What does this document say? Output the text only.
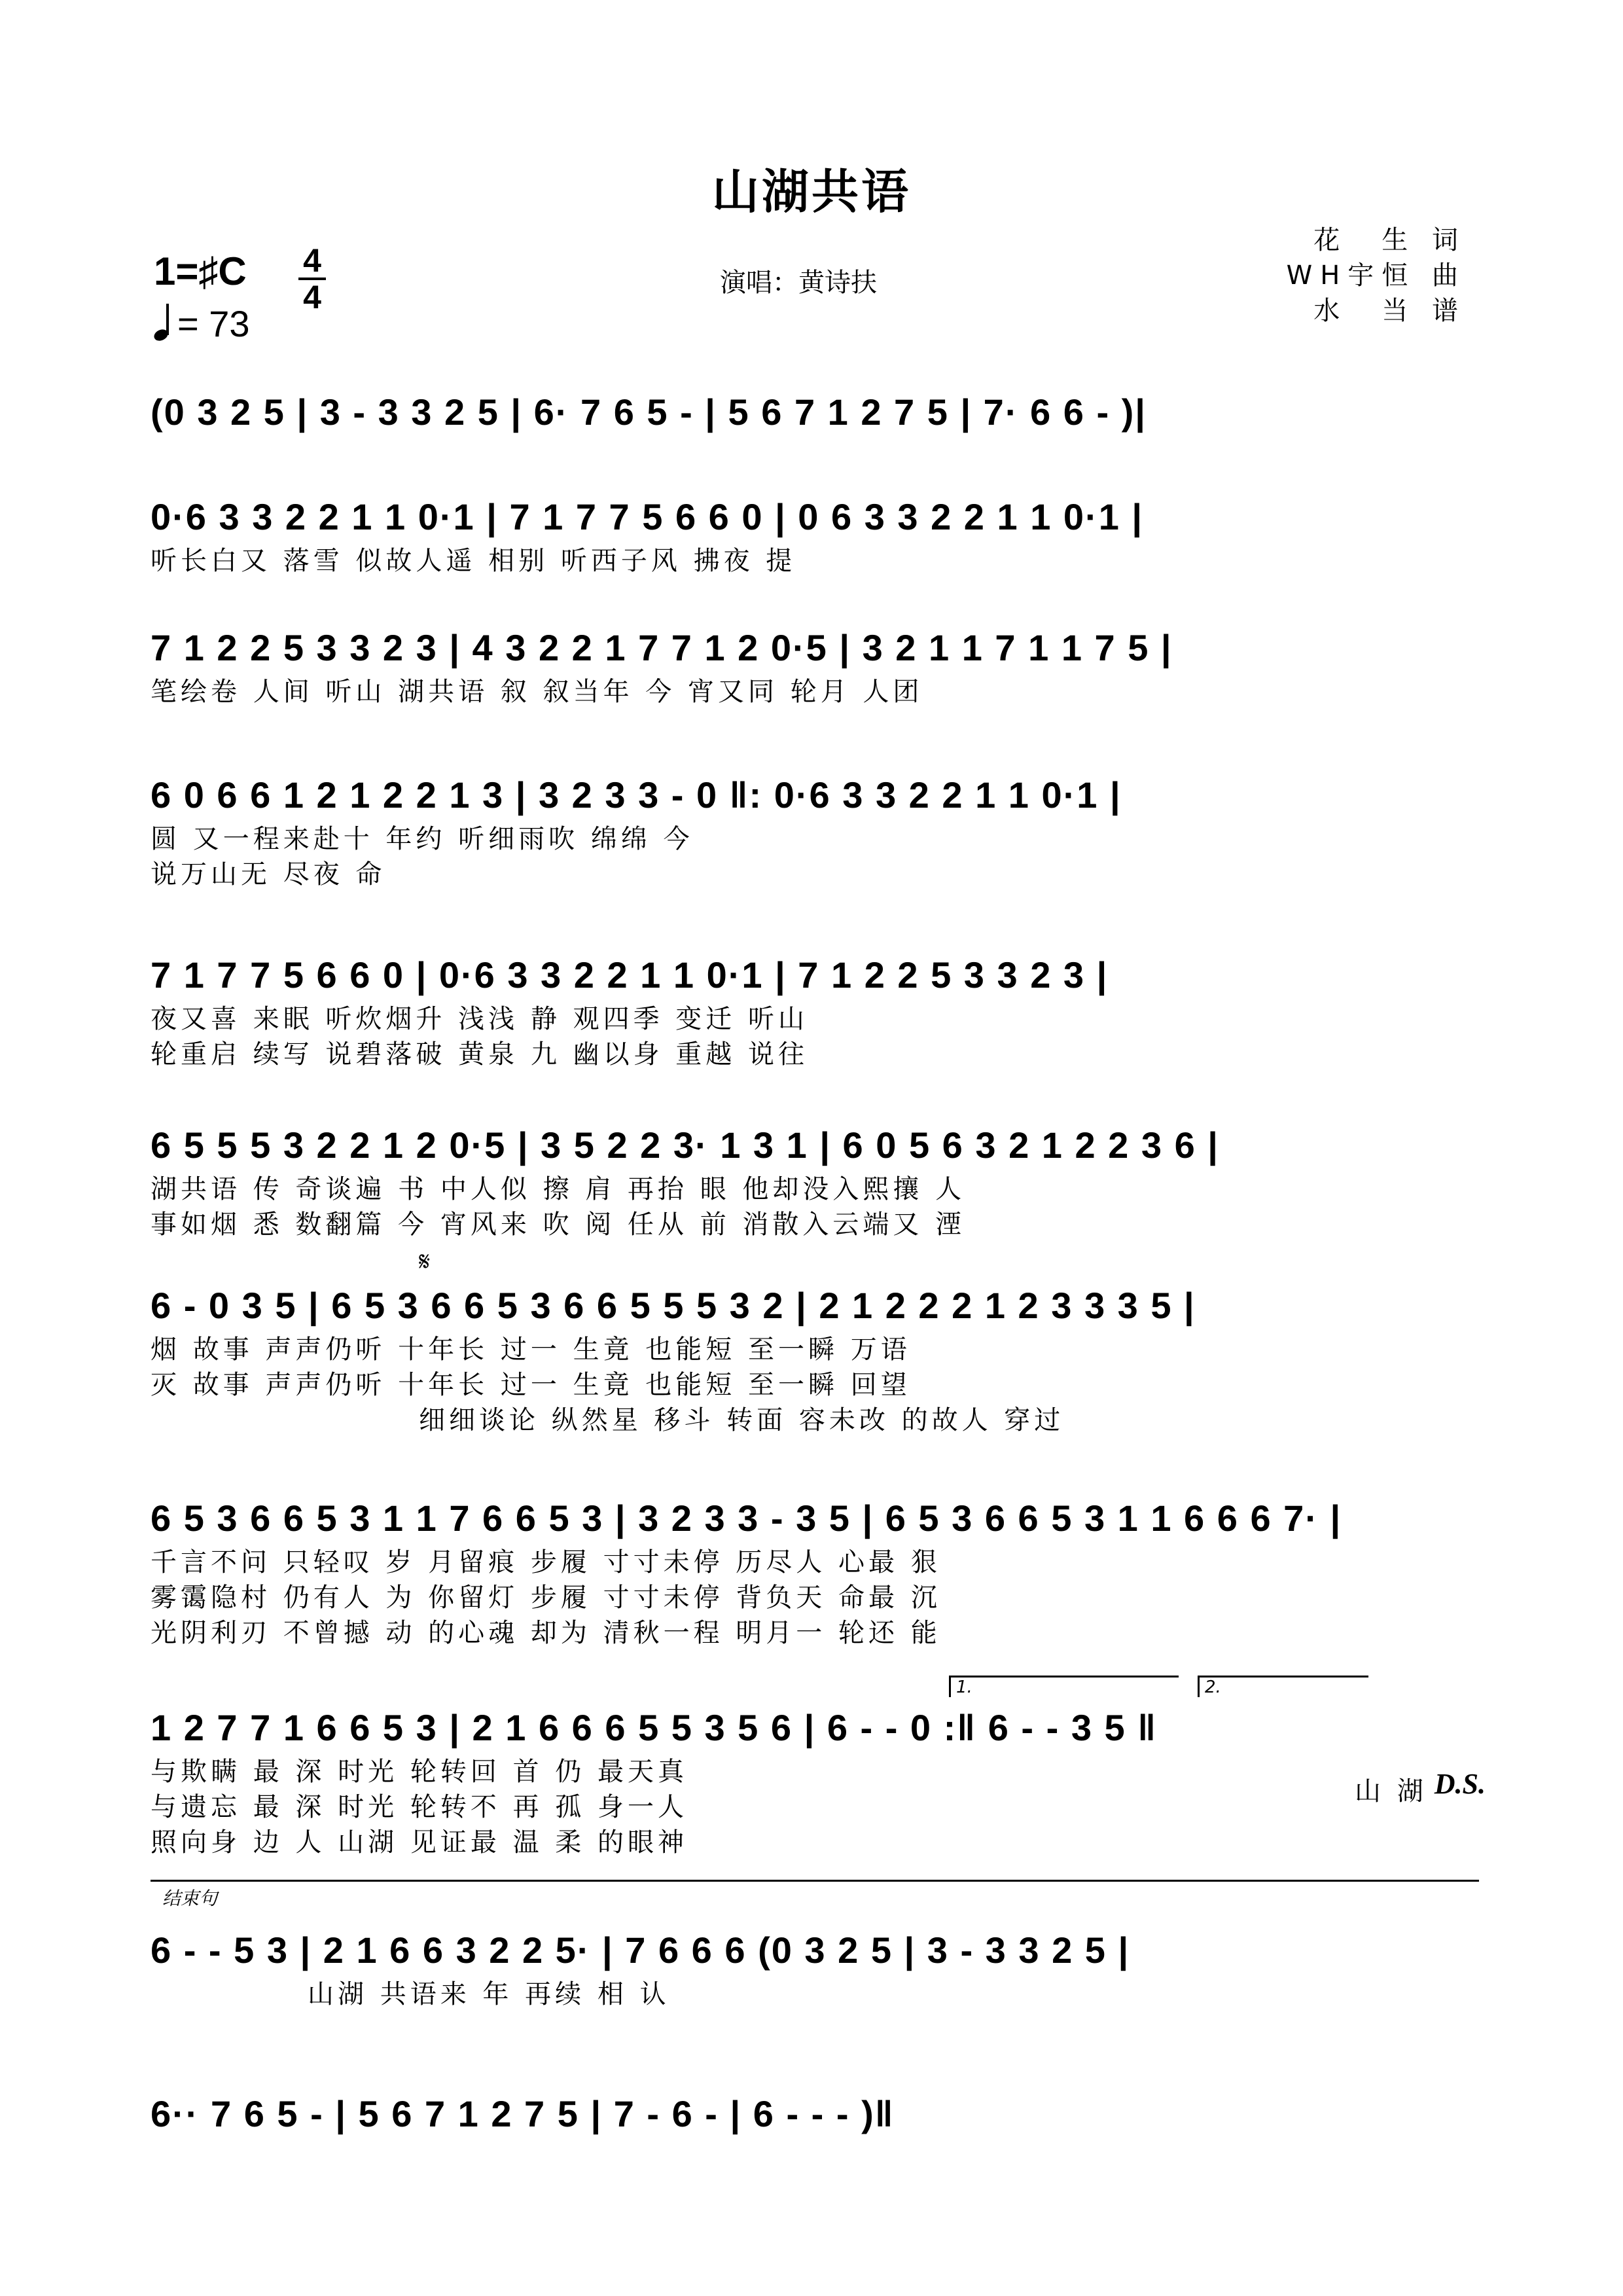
山湖共语
1=♯C 4
4
= 73
演唱：黄诗扶
花　生 词
WH宇恒 曲
水　当 谱
(0 3 2 5 | 3 - 3 3 2 5 | 6· 7 6 5 - | 5 6 7 1 2 7 5 | 7· 6 6 - )|
0·6 3 3 2 2 1 1 0·1 | 7 1 7 7 5 6 6 0 | 0 6 3 3 2 2 1 1 0·1 |
听长白又 落雪 似故人遥 相别 听西子风 拂夜 提
7 1 2 2 5 3 3 2 3 | 4 3 2 2 1 7 7 1 2 0·5 | 3 2 1 1 7 1 1 7 5 |
笔绘卷 人间 听山 湖共语 叙 叙当年 今 宵又同 轮月 人团
6 0 6 6 1 2 1 2 2 1 3 | 3 2 3 3 - 0 ‖: 0·6 3 3 2 2 1 1 0·1 |
圆 又一程来赴十 年约 听细雨吹 绵绵 今
说万山无 尽夜 命
7 1 7 7 5 6 6 0 | 0·6 3 3 2 2 1 1 0·1 | 7 1 2 2 5 3 3 2 3 |
夜又喜 来眠 听炊烟升 浅浅 静 观四季 变迁 听山
轮重启 续写 说碧落破 黄泉 九 幽以身 重越 说往
6 5 5 5 3 2 2 1 2 0·5 | 3 5 2 2 3· 1 3 1 | 6 0 5 6 3 2 1 2 2 3 6 |
湖共语 传 奇谈遍 书 中人似 擦 肩 再抬 眼 他却没入熙攘 人
事如烟 悉 数翻篇 今 宵风来 吹 阅 任从 前 消散入云端又 湮
𝄋
6 - 0 3 5 | 6 5 3 6 6 5 3 6 6 5 5 5 3 2 | 2 1 2 2 2 1 2 3 3 3 5 |
烟 故事 声声仍听 十年长 过一 生竟 也能短 至一瞬 万语
灭 故事 声声仍听 十年长 过一 生竟 也能短 至一瞬 回望
细细谈论 纵然星 移斗 转面 容未改 的故人 穿过
6 5 3 6 6 5 3 1 1 7 6 6 5 3 | 3 2 3 3 - 3 5 | 6 5 3 6 6 5 3 1 1 6 6 6 7· |
千言不问 只轻叹 岁 月留痕 步履 寸寸未停 历尽人 心最 狠
雾霭隐村 仍有人 为 你留灯 步履 寸寸未停 背负天 命最 沉
光阴利刃 不曾撼 动 的心魂 却为 清秋一程 明月一 轮还 能
1.	2.
1 2 7 7 1 6 6 5 3 | 2 1 6 6 6 5 5 3 5 6 | 6 - - 0 :‖ 6 - - 3 5 ‖
与欺瞒 最 深 时光 轮转回 首 仍 最天真
与遗忘 最 深 时光 轮转不 再 孤 身一人
照向身 边 人 山湖 见证最 温 柔 的眼神
山 湖 D.S.
结束句
6 - - 5 3 | 2 1 6 6 3 2 2 5· | 7 6 6 6 (0 3 2 5 | 3 - 3 3 2 5 |
山湖 共语来 年 再续 相 认
6·· 7 6 5 - | 5 6 7 1 2 7 5 | 7 - 6 - | 6 - - - )‖
